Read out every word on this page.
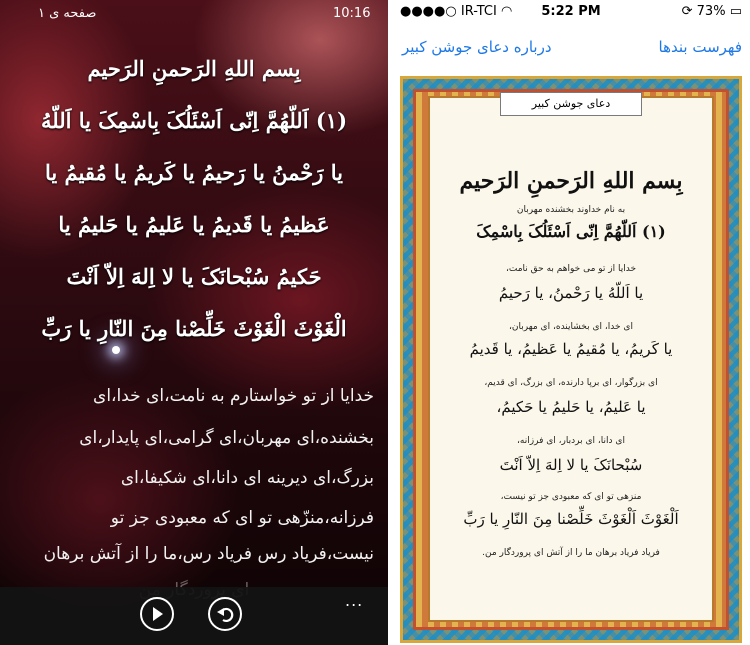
صفحه ی ۱	10:16
بِسم اللهِ الرَحمنِ الرَحیم
(۱) اَللّهُمَّ اِنّی اَسْئَلُکَ بِاسْمِکَ یا اَللّهُ
یا رَحْمنُ یا رَحیمُ یا کَریمُ یا مُقیمُ یا
عَظیمُ یا قَدیمُ یا عَلیمُ یا حَلیمُ یا
حَکیمُ سُبْحانَکَ یا لا اِلهَ اِلاّ اَنْتَ
الْغَوْثَ الْغَوْثَ خَلِّصْنا مِنَ النّارِ یا رَبِّ
خدایا از تو خواستارم به نامت،ای خدا،ای
بخشنده،ای مهربان،ای گرامی،ای پایدار،ای
بزرگ،ای دیرینه ای دانا،ای شکیفا،ای
فرزانه،منزّهی تو ای که معبودی جز تو
نیست،فریاد رس فریاد رس،ما را از آتش برهان
...
●●●●○ IR-TCI ◠	5:22 PM	⟳ 73% ▭
درباره دعای جوشن کبیر	فهرست بندها
دعای جوشن کبیر
بِسم اللهِ الرَحمنِ الرَحیم
به نام خداوند بخشنده مهربان
(۱) اَللّهُمَّ اِنّی اَسْئَلُکَ بِاسْمِکَ
خدایا از تو می خواهم به حق نامت،
یا اَللّهُ یا رَحْمنُ، یا رَحیمُ
ای خدا، ای بخشاینده، ای مهربان،
یا کَریمُ، یا مُقیمُ یا عَظیمُ، یا قَدیمُ
ای بزرگوار، ای برپا دارنده، ای بزرگ، ای قدیم،
یا عَلیمُ، یا حَلیمُ یا حَکیمُ،
ای دانا، ای بردبار، ای فرزانه،
سُبْحانَکَ یا لا اِلهَ اِلاّ اَنْتَ
منزهی تو ای که معبودی جز تو نیست،
اَلْغَوْثَ اَلْغَوْثَ خَلِّصْنا مِنَ النّارِ یا رَبِّ
فریاد فریاد برهان ما را از آتش ای پروردگار من.
